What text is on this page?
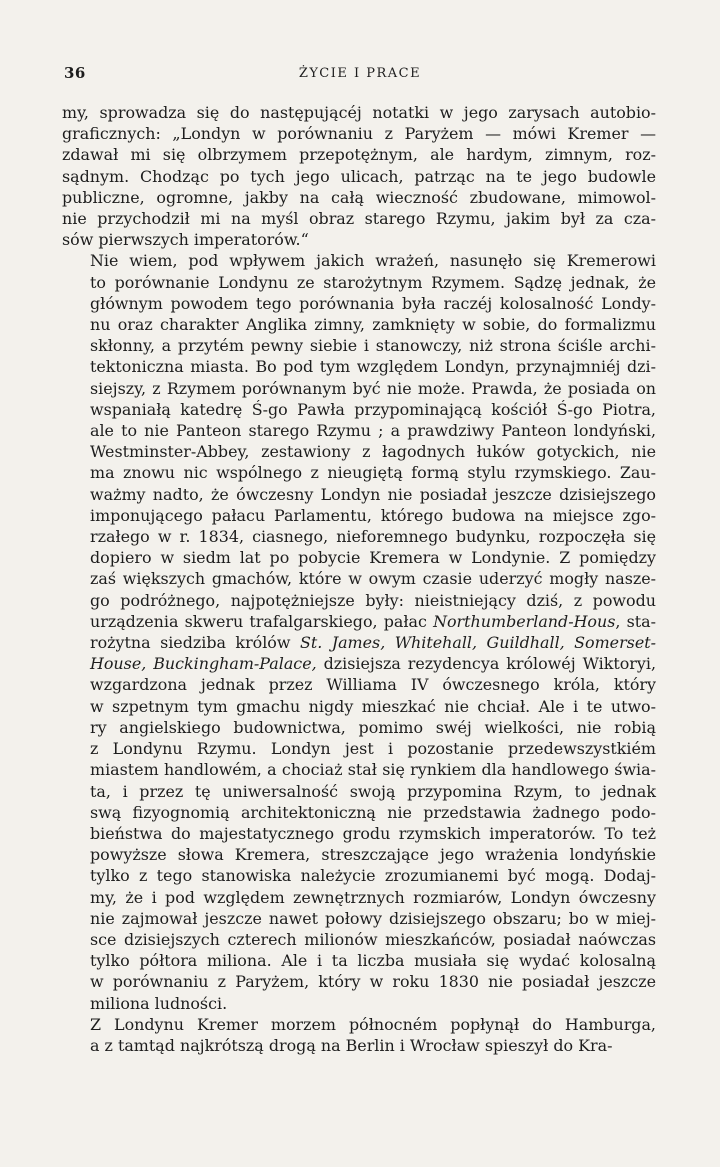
36	ŻYCIE I PRACE

my, sprowadza się do następującéj notatki w jego zarysach autobio-
graficznych: „Londyn w porównaniu z Paryżem — mówi Kremer —
zdawał mi się olbrzymem przepotężnym, ale hardym, zimnym, roz-
sądnym. Chodząc po tych jego ulicach, patrząc na te jego budowle
publiczne, ogromne, jakby na całą wieczność zbudowane, mimowol-
nie przychodził mi na myśl obraz starego Rzymu, jakim był za cza-
sów pierwszych imperatorów.“

Nie wiem, pod wpływem jakich wrażeń, nasunęło się Kremerowi
to porównanie Londynu ze starożytnym Rzymem. Sądzę jednak, że
głównym powodem tego porównania była raczéj kolosalność Londy-
nu oraz charakter Anglika zimny, zamknięty w sobie, do formalizmu
skłonny, a przytém pewny siebie i stanowczy, niż strona ściśle archi-
tektoniczna miasta. Bo pod tym względem Londyn, przynajmniéj dzi-
siejszy, z Rzymem porównanym być nie może. Prawda, że posiada on
wspaniałą katedrę Ś-go Pawła przypominającą kościół Ś-go Piotra,
ale to nie Panteon starego Rzymu ; a prawdziwy Panteon londyński,
Westminster-Abbey, zestawiony z łagodnych łuków gotyckich, nie
ma znowu nic wspólnego z nieugiętą formą stylu rzymskiego. Zau-
ważmy nadto, że ówczesny Londyn nie posiadał jeszcze dzisiejszego
imponującego pałacu Parlamentu, którego budowa na miejsce zgo-
rzałego w r. 1834, ciasnego, nieforemnego budynku, rozpoczęła się
dopiero w siedm lat po pobycie Kremera w Londynie. Z pomiędzy
zaś większych gmachów, które w owym czasie uderzyć mogły nasze-
go podróżnego, najpotężniejsze były: nieistniejący dziś, z powodu
urządzenia skweru trafalgarskiego, pałac Northumberland-Hous, sta-
rożytna siedziba królów St. James, Whitehall, Guildhall, Somerset-
House, Buckingham-Palace, dzisiejsza rezydencya królowéj Wiktoryi,
wzgardzona jednak przez Williama IV ówczesnego króla, który
w szpetnym tym gmachu nigdy mieszkać nie chciał. Ale i te utwo-
ry angielskiego budownictwa, pomimo swéj wielkości, nie robią
z Londynu Rzymu. Londyn jest i pozostanie przedewszystkiém
miastem handlowém, a chociaż stał się rynkiem dla handlowego świa-
ta, i przez tę uniwersalność swoją przypomina Rzym, to jednak
swą fizyognomią architektoniczną nie przedstawia żadnego podo-
bieństwa do majestatycznego grodu rzymskich imperatorów. To też
powyższe słowa Kremera, streszczające jego wrażenia londyńskie
tylko z tego stanowiska należycie zrozumianemi być mogą. Dodaj-
my, że i pod względem zewnętrznych rozmiarów, Londyn ówczesny
nie zajmował jeszcze nawet połowy dzisiejszego obszaru; bo w miej-
sce dzisiejszych czterech milionów mieszkańców, posiadał naówczas
tylko półtora miliona. Ale i ta liczba musiała się wydać kolosalną
w porównaniu z Paryżem, który w roku 1830 nie posiadał jeszcze
miliona ludności.

Z Londynu Kremer morzem północném popłynął do Hamburga,
a z tamtąd najkrótszą drogą na Berlin i Wrocław spieszył do Kra-
